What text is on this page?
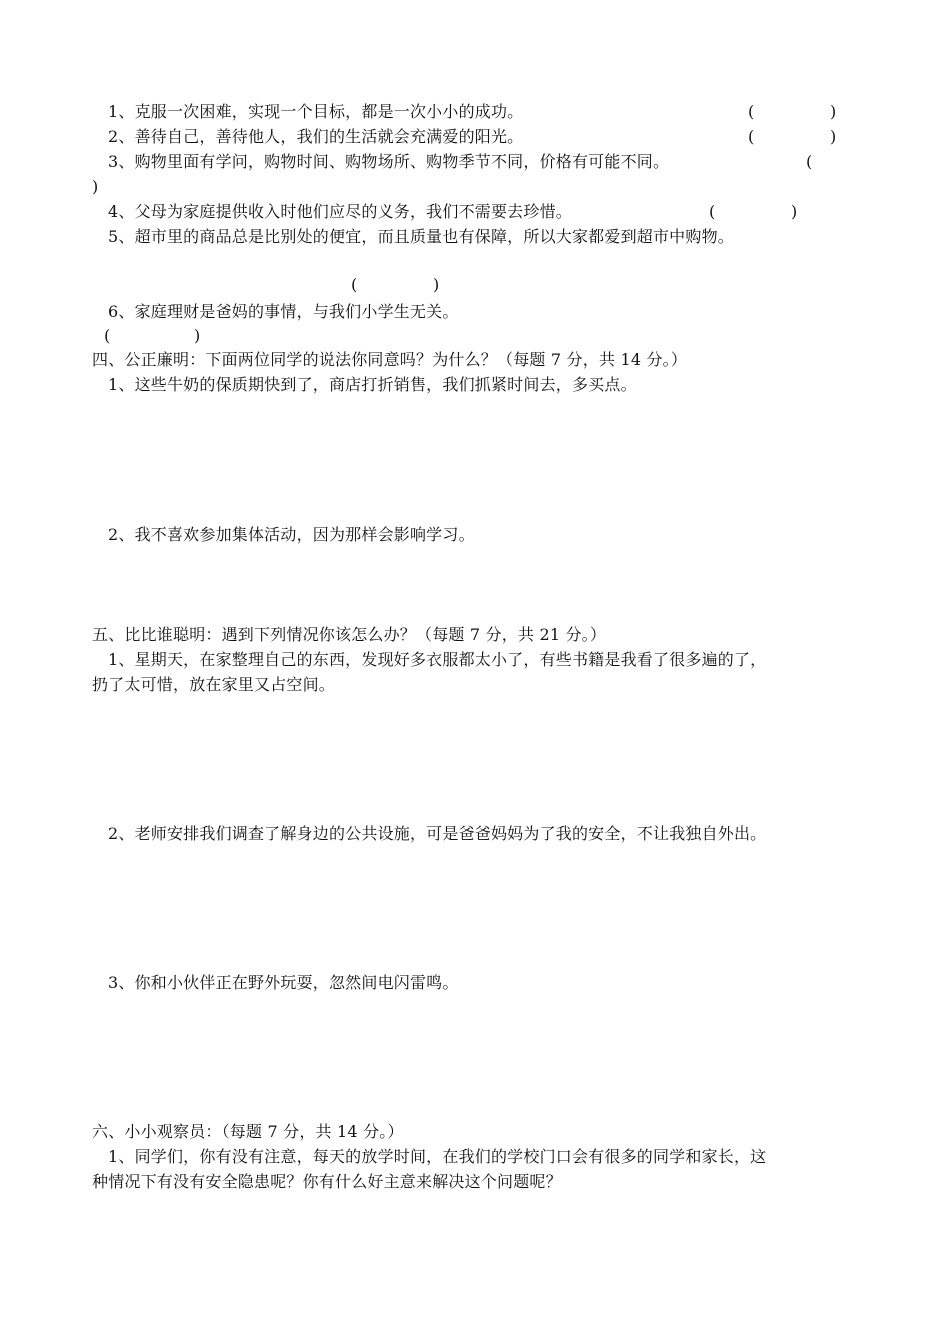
1、克服一次困难，实现一个目标，都是一次小小的成功。	(	)
2、善待自己，善待他人，我们的生活就会充满爱的阳光。	(	)
3、购物里面有学问，购物时间、购物场所、购物季节不同，价格有可能不同。	(
)
4、父母为家庭提供收入时他们应尽的义务，我们不需要去珍惜。	(	)
5、超市里的商品总是比别处的便宜，而且质量也有保障，所以大家都爱到超市中购物。
(	)
6、家庭理财是爸妈的事情，与我们小学生无关。
(	)
四、公正廉明：下面两位同学的说法你同意吗？为什么？（每题 7 分，共 14 分。）
1、这些牛奶的保质期快到了，商店打折销售，我们抓紧时间去，多买点。
2、我不喜欢参加集体活动，因为那样会影响学习。
五、比比谁聪明：遇到下列情况你该怎么办？（每题 7 分，共 21 分。）
1、星期天，在家整理自己的东西，发现好多衣服都太小了，有些书籍是我看了很多遍的了，
扔了太可惜，放在家里又占空间。
2、老师安排我们调查了解身边的公共设施，可是爸爸妈妈为了我的安全，不让我独自外出。
3、你和小伙伴正在野外玩耍，忽然间电闪雷鸣。
六、小小观察员：（每题 7 分，共 14 分。）
1、同学们，你有没有注意，每天的放学时间，在我们的学校门口会有很多的同学和家长，这
种情况下有没有安全隐患呢？你有什么好主意来解决这个问题呢？
